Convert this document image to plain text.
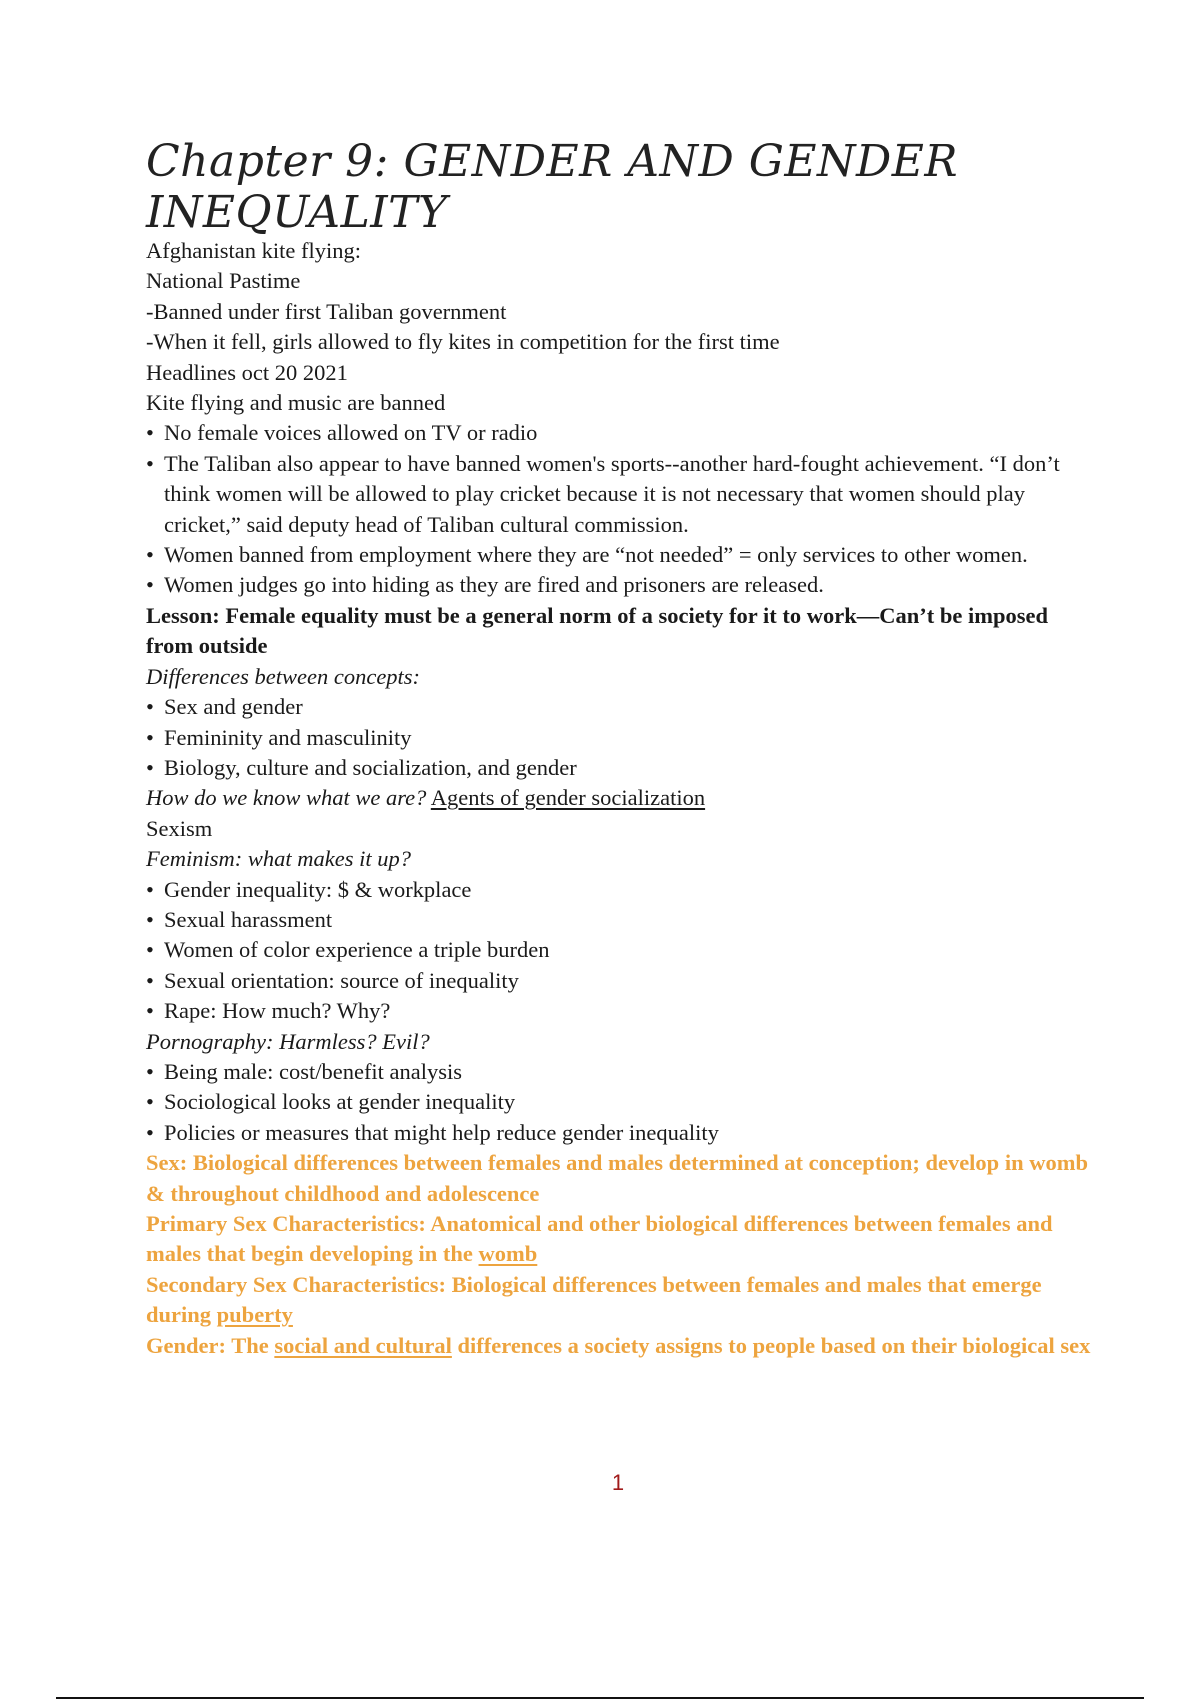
Chapter 9: GENDER AND GENDER INEQUALITY

Afghanistan kite flying:

National Pastime

-Banned under first Taliban government

-When it fell, girls allowed to fly kites in competition for the first time

Headlines oct 20 2021

Kite flying and music are banned

• No female voices allowed on TV or radio
• The Taliban also appear to have banned women's sports--another hard-fought achievement. “I don’t think women will be allowed to play cricket because it is not necessary that women should play cricket,” said deputy head of Taliban cultural commission.
• Women banned from employment where they are “not needed” = only services to other women.
• Women judges go into hiding as they are fired and prisoners are released.

Lesson: Female equality must be a general norm of a society for it to work—Can’t be imposed from outside

Differences between concepts:

• Sex and gender
• Femininity and masculinity
• Biology, culture and socialization, and gender

How do we know what we are? Agents of gender socialization

Sexism

Feminism: what makes it up?

• Gender inequality: $ & workplace
• Sexual harassment
• Women of color experience a triple burden
• Sexual orientation: source of inequality
• Rape: How much? Why?

Pornography: Harmless? Evil?

• Being male: cost/benefit analysis
• Sociological looks at gender inequality
• Policies or measures that might help reduce gender inequality

Sex: Biological differences between females and males determined at conception; develop in womb & throughout childhood and adolescence

Primary Sex Characteristics: Anatomical and other biological differences between females and males that begin developing in the womb

Secondary Sex Characteristics: Biological differences between females and males that emerge during puberty

Gender: The social and cultural differences a society assigns to people based on their biological sex

1
